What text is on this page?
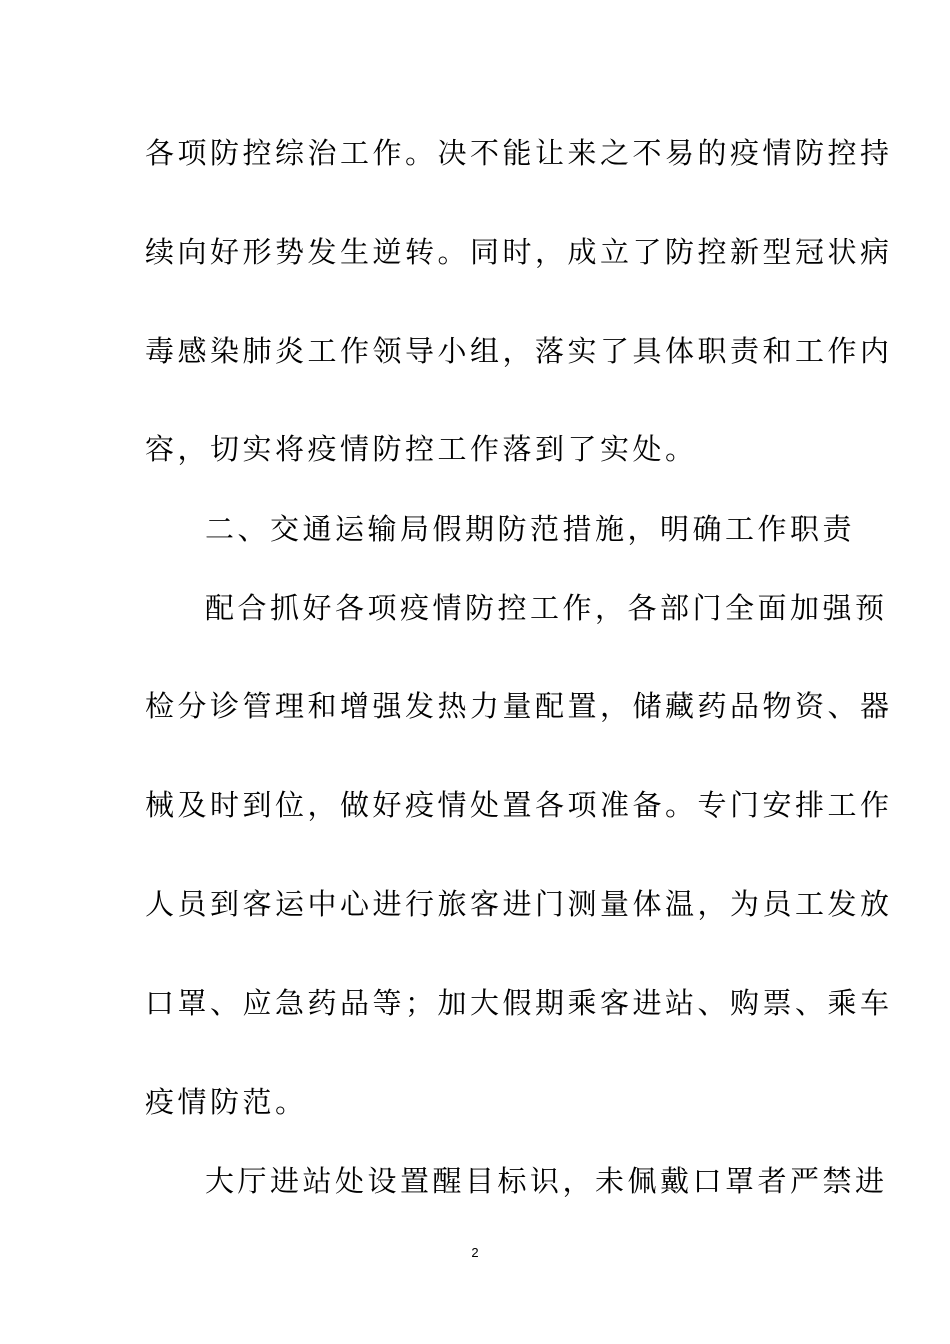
各项防控综治工作。决不能让来之不易的疫情防控持
续向好形势发生逆转。同时，成立了防控新型冠状病
毒感染肺炎工作领导小组，落实了具体职责和工作内
容，切实将疫情防控工作落到了实处。
二、交通运输局假期防范措施，明确工作职责
配合抓好各项疫情防控工作，各部门全面加强预
检分诊管理和增强发热力量配置，储藏药品物资、器
械及时到位，做好疫情处置各项准备。专门安排工作
人员到客运中心进行旅客进门测量体温，为员工发放
口罩、应急药品等；加大假期乘客进站、购票、乘车
疫情防范。
大厅进站处设置醒目标识，未佩戴口罩者严禁进
2
